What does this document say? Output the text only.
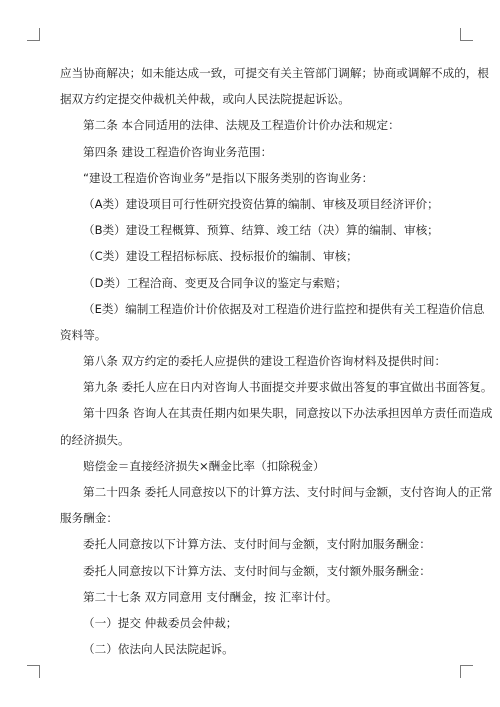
应当协商解决；如未能达成一致，可提交有关主管部门调解；协商或调解不成的，根
据双方约定提交仲裁机关仲裁，或向人民法院提起诉讼。
第二条 本合同适用的法律、法规及工程造价计价办法和规定：
第四条 建设工程造价咨询业务范围：
“建设工程造价咨询业务”是指以下服务类别的咨询业务：
（A类）建设项目可行性研究投资估算的编制、审核及项目经济评价；
（B类）建设工程概算、预算、结算、竣工结（决）算的编制、审核；
（C类）建设工程招标标底、投标报价的编制、审核；
（D类）工程洽商、变更及合同争议的鉴定与索赔；
（E类）编制工程造价计价依据及对工程造价进行监控和提供有关工程造价信息
资料等。
第八条 双方约定的委托人应提供的建设工程造价咨询材料及提供时间：
第九条 委托人应在日内对咨询人书面提交并要求做出答复的事宜做出书面答复。
第十四条 咨询人在其责任期内如果失职，同意按以下办法承担因单方责任而造成
的经济损失。
赔偿金＝直接经济损失×酬金比率（扣除税金）
第二十四条 委托人同意按以下的计算方法、支付时间与金额，支付咨询人的正常
服务酬金：
委托人同意按以下计算方法、支付时间与金额，支付附加服务酬金：
委托人同意按以下计算方法、支付时间与金额，支付额外服务酬金：
第二十七条 双方同意用 支付酬金，按 汇率计付。
（一）提交 仲裁委员会仲裁；
（二）依法向人民法院起诉。
